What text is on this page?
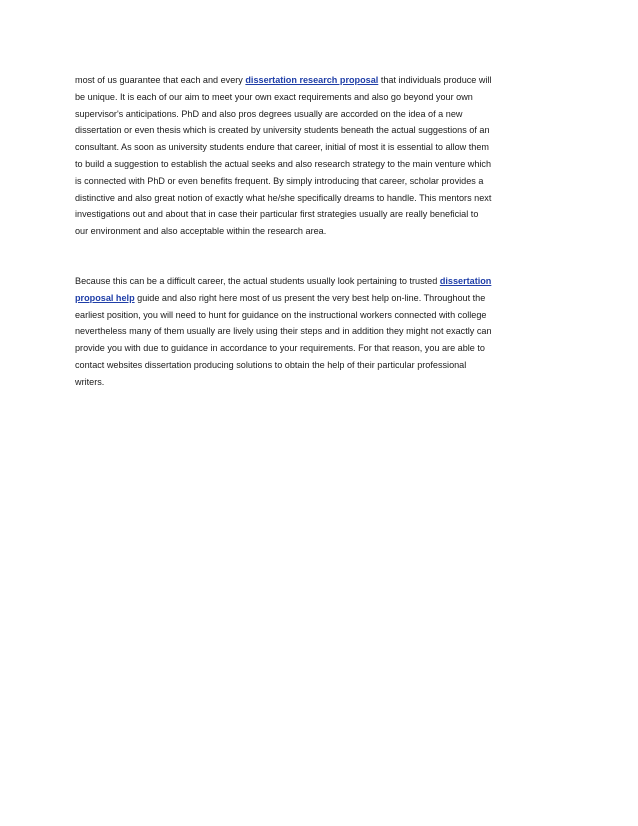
most of us guarantee that each and every dissertation research proposal that individuals produce will
be unique. It is each of our aim to meet your own exact requirements and also go beyond your own
supervisor's anticipations. PhD and also pros degrees usually are accorded on the idea of a new
dissertation or even thesis which is created by university students beneath the actual suggestions of an
consultant. As soon as university students endure that career, initial of most it is essential to allow them
to build a suggestion to establish the actual seeks and also research strategy to the main venture which
is connected with PhD or even benefits frequent. By simply introducing that career, scholar provides a
distinctive and also great notion of exactly what he/she specifically dreams to handle. This mentors next
investigations out and about that in case their particular first strategies usually are really beneficial to
our environment and also acceptable within the research area.
Because this can be a difficult career, the actual students usually look pertaining to trusted dissertation
proposal help guide and also right here most of us present the very best help on-line. Throughout the
earliest position, you will need to hunt for guidance on the instructional workers connected with college
nevertheless many of them usually are lively using their steps and in addition they might not exactly can
provide you with due to guidance in accordance to your requirements. For that reason, you are able to
contact websites dissertation producing solutions to obtain the help of their particular professional
writers.
